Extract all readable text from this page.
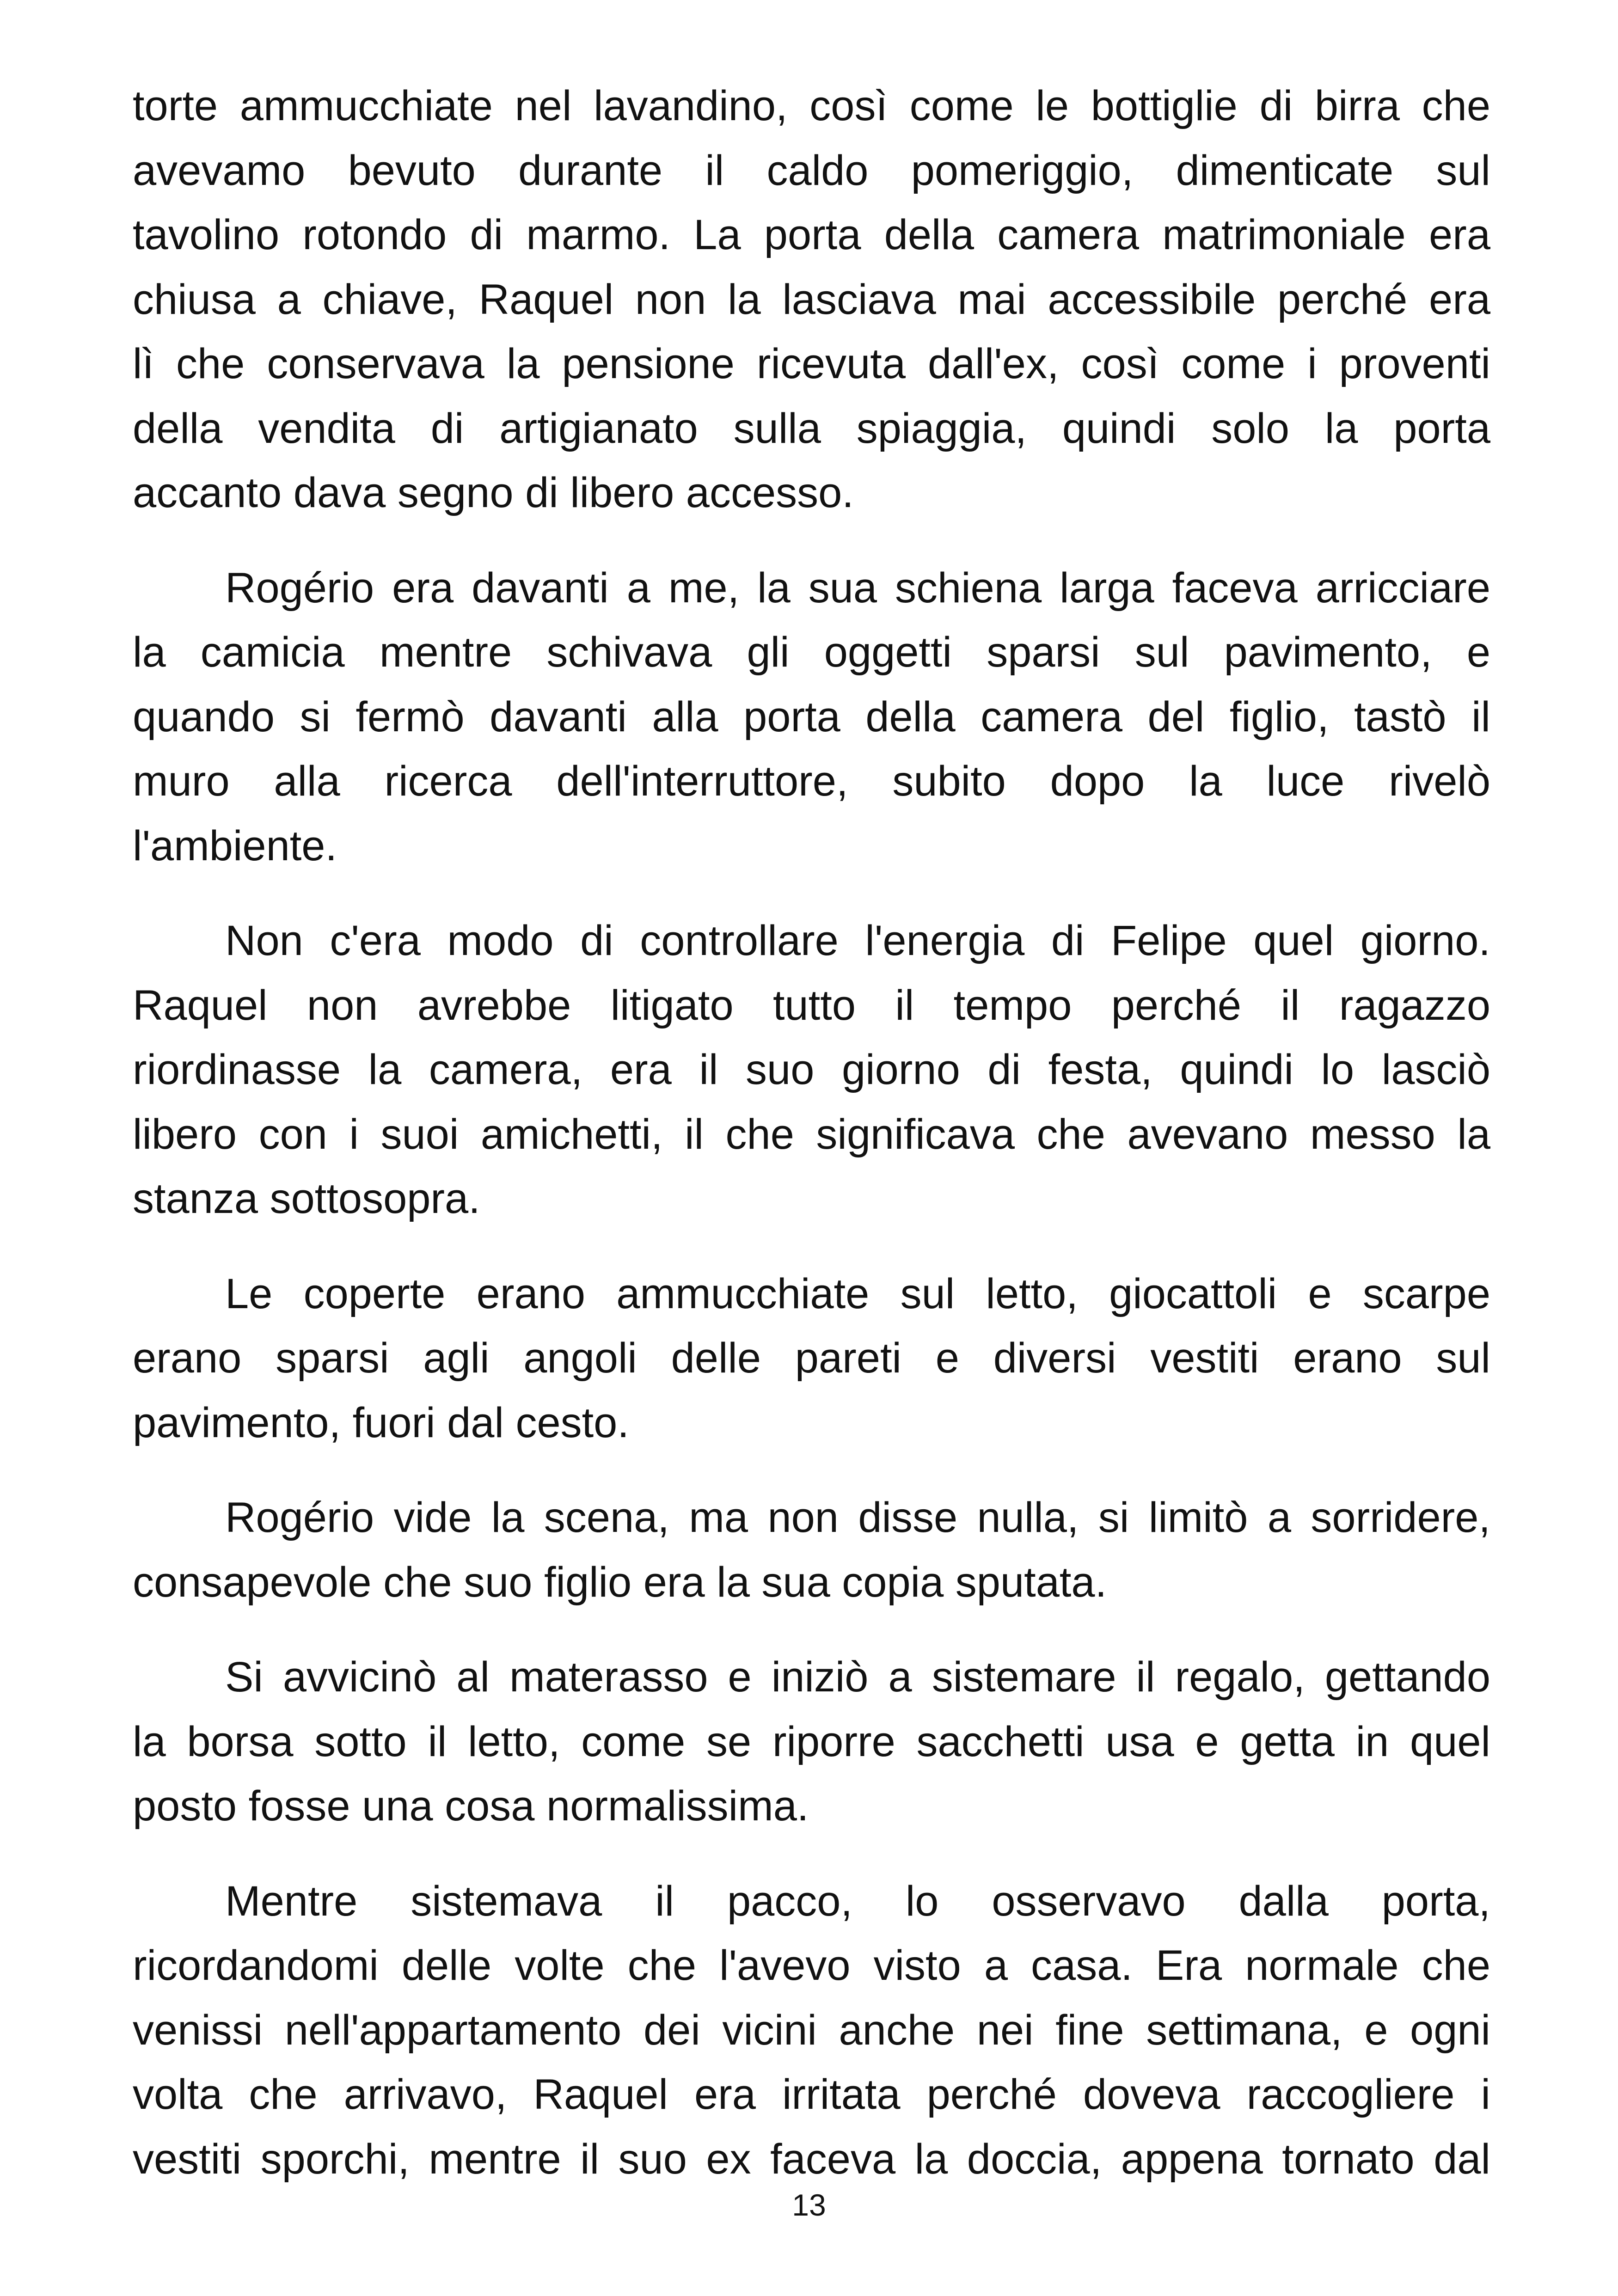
torte ammucchiate nel lavandino, così come le bottiglie di birra che
avevamo bevuto durante il caldo pomeriggio, dimenticate sul
tavolino rotondo di marmo. La porta della camera matrimoniale era
chiusa a chiave, Raquel non la lasciava mai accessibile perché era
lì che conservava la pensione ricevuta dall'ex, così come i proventi
della vendita di artigianato sulla spiaggia, quindi solo la porta
accanto dava segno di libero accesso.
Rogério era davanti a me, la sua schiena larga faceva arricciare
la camicia mentre schivava gli oggetti sparsi sul pavimento, e
quando si fermò davanti alla porta della camera del figlio, tastò il
muro alla ricerca dell'interruttore, subito dopo la luce rivelò
l'ambiente.
Non c'era modo di controllare l'energia di Felipe quel giorno.
Raquel non avrebbe litigato tutto il tempo perché il ragazzo
riordinasse la camera, era il suo giorno di festa, quindi lo lasciò
libero con i suoi amichetti, il che significava che avevano messo la
stanza sottosopra.
Le coperte erano ammucchiate sul letto, giocattoli e scarpe
erano sparsi agli angoli delle pareti e diversi vestiti erano sul
pavimento, fuori dal cesto.
Rogério vide la scena, ma non disse nulla, si limitò a sorridere,
consapevole che suo figlio era la sua copia sputata.
Si avvicinò al materasso e iniziò a sistemare il regalo, gettando
la borsa sotto il letto, come se riporre sacchetti usa e getta in quel
posto fosse una cosa normalissima.
Mentre sistemava il pacco, lo osservavo dalla porta,
ricordandomi delle volte che l'avevo visto a casa. Era normale che
venissi nell'appartamento dei vicini anche nei fine settimana, e ogni
volta che arrivavo, Raquel era irritata perché doveva raccogliere i
vestiti sporchi, mentre il suo ex faceva la doccia, appena tornato dal
13
